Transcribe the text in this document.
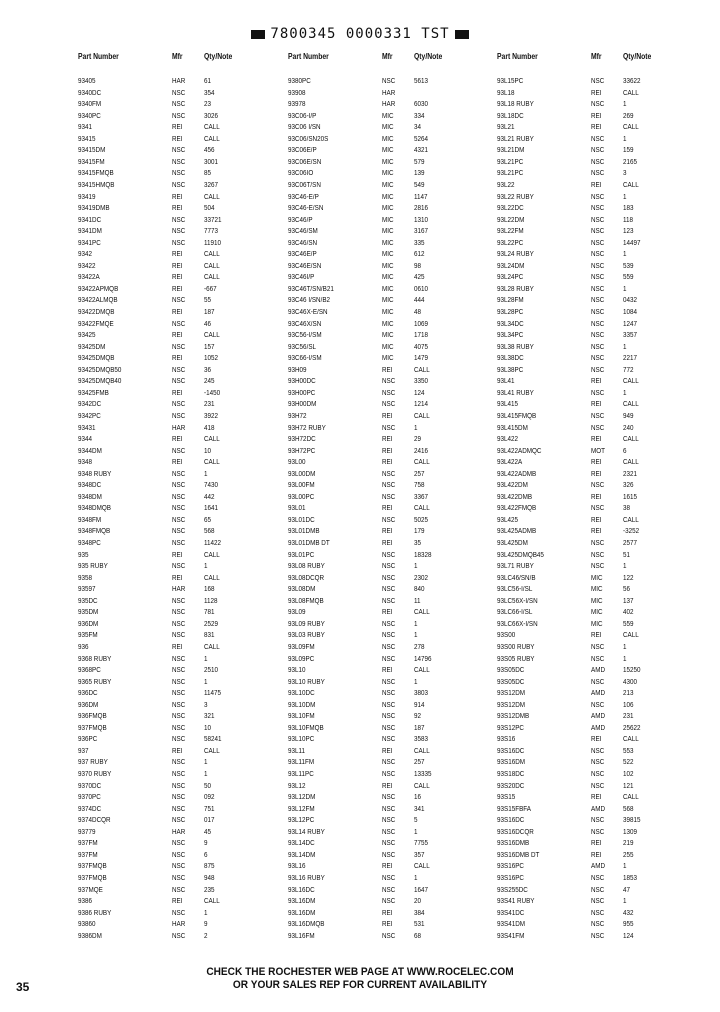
7800345 0000331 TST
Part Number	Mfr	Qty/Note
93405	HAR	61
9340DC	NSC	354
9340FM	NSC	23
9340PC	NSC	3026
9341	REI	CALL
93415	REI	CALL
93415DM	NSC	456
93415FM	NSC	3001
93415FMQB	NSC	85
93415HMQB	NSC	3267
93419	REI	CALL
93419DMB	REI	504
9341DC	NSC	33721
9341DM	NSC	7773
9341PC	NSC	11910
9342	REI	CALL
93422	REI	CALL
93422A	REI	CALL
93422APMQB	REI	-667
93422ALMQB	NSC	55
93422DMQB	REI	187
93422FMQE	NSC	46
93425	REI	CALL
93425DM	NSC	157
93425DMQB	REI	1052
93425DMQB50	NSC	36
93425DMQB40	NSC	245
93425FMB	REI	-1450
9342DC	NSC	231
9342PC	NSC	3922
93431	HAR	418
9344	REI	CALL
9344DM	NSC	10
9348	REI	CALL
9348 RUBY	NSC	1
9348DC	NSC	7430
9348DM	NSC	442
9348DMQB	NSC	1641
9348FM	NSC	65
9348FMQB	NSC	568
9348PC	NSC	11422
935	REI	CALL
935 RUBY	NSC	1
9358	REI	CALL
93597	HAR	168
935DC	NSC	1128
935DM	NSC	781
936DM	NSC	2529
935FM	NSC	831
936	REI	CALL
9368 RUBY	NSC	1
9368PC	NSC	2510
9365 RUBY	NSC	1
936DC	NSC	11475
936DM	NSC	3
936FMQB	NSC	321
937FMQB	NSC	10
936PC	NSC	58241
937	REI	CALL
937 RUBY	NSC	1
9370 RUBY	NSC	1
9370DC	NSC	50
9370PC	NSC	092
9374DC	NSC	751
9374DCQR	NSC	017
93779	HAR	45
937FM	NSC	9
937FM	NSC	6
937FMQB	NSC	875
937FMQB	NSC	948
937MQE	NSC	235
9386	REI	CALL
9386 RUBY	NSC	1
93860	HAR	9
9386DM	NSC	2
Part Number	Mfr	Qty/Note
9380PC	NSC	5613
93908	HAR
93978	HAR	6030
93C06-I/P	MIC	334
93C06 I/SN	MIC	34
93C06/SN20S	MIC	5264
93C06E/P	MIC	4321
93C06E/SN	MIC	579
93C06IO	MIC	139
93C06T/SN	MIC	549
93C46-E/P	MIC	1147
93C46-E/SN	MIC	2816
93C46/P	MIC	1310
93C46/SM	MIC	3167
93C46/SN	MIC	335
93C46E/P	MIC	612
93C46E/SN	MIC	98
93C46I/P	MIC	425
93C46T/SN/B21	MIC	0610
93C46 I/SN/B2	MIC	444
93C46X-E/SN	MIC	48
93C46X/SN	MIC	1069
93C56-I/SM	MIC	1718
93C56/SL	MIC	4075
93C66-I/SM	MIC	1479
93H09	REI	CALL
93H00DC	NSC	3350
93H00PC	NSC	124
93H00DM	NSC	1214
93H72	REI	CALL
93H72 RUBY	NSC	1
93H72DC	REI	29
93H72PC	REI	2416
93L00	REI	CALL
93L00DM	NSC	257
93L00FM	NSC	758
93L00PC	NSC	3367
93L01	REI	CALL
93L01DC	NSC	5025
93L01DMB	REI	179
93L01DMB DT	REI	35
93L01PC	NSC	18328
93L08 RUBY	NSC	1
93L08DCQR	NSC	2302
93L08DM	NSC	840
93L08FMQB	NSC	11
93L09	REI	CALL
93L09 RUBY	NSC	1
93L03 RUBY	NSC	1
93L09FM	NSC	278
93L09PC	NSC	14796
93L10	REI	CALL
93L10 RUBY	NSC	1
93L10DC	NSC	3803
93L10DM	NSC	914
93L10FM	NSC	92
93L10FMQB	NSC	187
93L10PC	NSC	3583
93L11	REI	CALL
93L11FM	NSC	257
93L11PC	NSC	13335
93L12	REI	CALL
93L12DM	NSC	16
93L12FM	NSC	341
93L12PC	NSC	5
93L14 RUBY	NSC	1
93L14DC	NSC	7755
93L14DM	NSC	357
93L16	REI	CALL
93L16 RUBY	NSC	1
93L16DC	NSC	1647
93L16DM	NSC	20
93L16DM	REI	384
93L16DMQB	REI	531
93L16FM	NSC	68
Part Number	Mfr	Qty/Note
93L15PC	NSC	33622
93L18	REI	CALL
93L18 RUBY	NSC	1
93L18DC	REI	269
93L21	REI	CALL
93L21 RUBY	NSC	1
93L21DM	NSC	159
93L21PC	NSC	2165
93L21PC	NSC	3
93L22	REI	CALL
93L22 RUBY	NSC	1
93L22DC	NSC	183
93L22DM	NSC	118
93L22FM	NSC	123
93L22PC	NSC	14497
93L24 RUBY	NSC	1
93L24DM	NSC	539
93L24PC	NSC	559
93L28 RUBY	NSC	1
93L28FM	NSC	0432
93L28PC	NSC	1084
93L34DC	NSC	1247
93L34PC	NSC	3357
93L38 RUBY	NSC	1
93L38DC	NSC	2217
93L38PC	NSC	772
93L41	REI	CALL
93L41 RUBY	NSC	1
93L415	REI	CALL
93L415FMQB	NSC	949
93L415DM	NSC	240
93L422	REI	CALL
93L422ADMQC	MOT	6
93L422A	REI	CALL
93L422ADMB	REI	2321
93L422DM	NSC	326
93L422DMB	REI	1615
93L422FMQB	NSC	38
93L425	REI	CALL
93L425ADMB	REI	-3252
93L425DM	NSC	2577
93L425DMQB45	NSC	51
93L71 RUBY	NSC	1
93LC46/SN/B	MIC	122
93LC56-I/SL	MIC	56
93LC56X-I/SN	MIC	137
93LC66-I/SL	MIC	402
93LC66X-I/SN	MIC	559
93S00	REI	CALL
93S00 RUBY	NSC	1
93S05 RUBY	NSC	1
93S05DC	AMD	15250
93S05DC	NSC	4300
93S12DM	AMD	213
93S12DM	NSC	106
93S12DMB	AMD	231
93S12PC	AMD	25622
93S16	REI	CALL
93S16DC	NSC	553
93S16DM	NSC	522
93S18DC	NSC	102
93S20DC	NSC	121
93S15	REI	CALL
93S15FBFA	AMD	568
93S16DC	NSC	39815
93S16DCQR	NSC	1309
93S16DMB	REI	219
93S16DMB DT	REI	255
93S16PC	AMD	1
93S16PC	NSC	1853
93S255DC	NSC	47
93S41 RUBY	NSC	1
93S41DC	NSC	432
93S41DM	NSC	955
93S41FM	NSC	124
CHECK THE ROCHESTER WEB PAGE AT WWW.ROCELEC.COM
OR YOUR SALES REP FOR CURRENT AVAILABILITY
35
